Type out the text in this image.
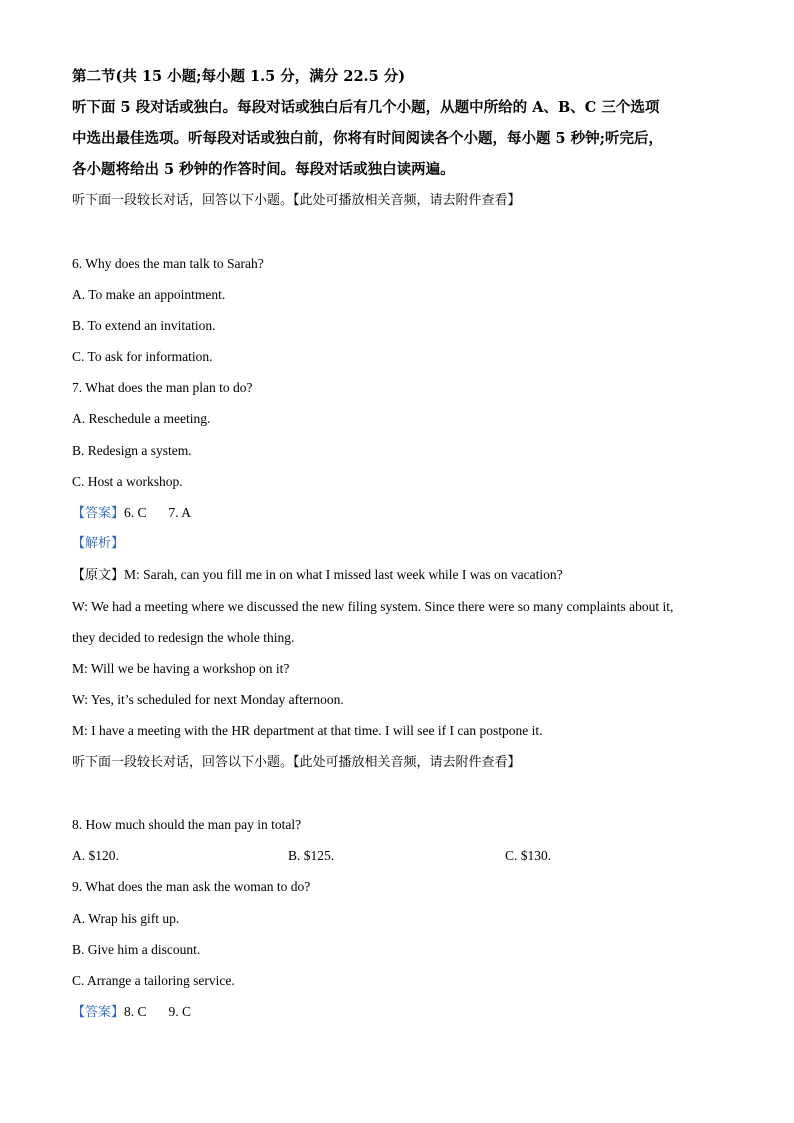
第二节(共 15 小题;每小题 1.5 分，满分 22.5 分)
听下面 5 段对话或独白。每段对话或独白后有几个小题，从题中所给的 A、B、C 三个选项
中选出最佳选项。听每段对话或独白前，你将有时间阅读各个小题，每小题 5 秒钟;听完后，
各小题将给出 5 秒钟的作答时间。每段对话或独白读两遍。
听下面一段较长对话，回答以下小题。【此处可播放相关音频，请去附件查看】
6. Why does the man talk to Sarah?
A. To make an appointment.
B. To extend an invitation.
C. To ask for information.
7. What does the man plan to do?
A. Reschedule a meeting.
B. Redesign a system.
C. Host a workshop.
【答案】6. C 7. A
【解析】
【原文】M: Sarah, can you fill me in on what I missed last week while I was on vacation?
W: We had a meeting where we discussed the new filing system. Since there were so many complaints about it,
they decided to redesign the whole thing.
M: Will we be having a workshop on it?
W: Yes, it’s scheduled for next Monday afternoon.
M: I have a meeting with the HR department at that time. I will see if I can postpone it.
听下面一段较长对话，回答以下小题。【此处可播放相关音频，请去附件查看】
8. How much should the man pay in total?
A. $120.	B. $125.	C. $130.
9. What does the man ask the woman to do?
A. Wrap his gift up.
B. Give him a discount.
C. Arrange a tailoring service.
【答案】8. C 9. C
